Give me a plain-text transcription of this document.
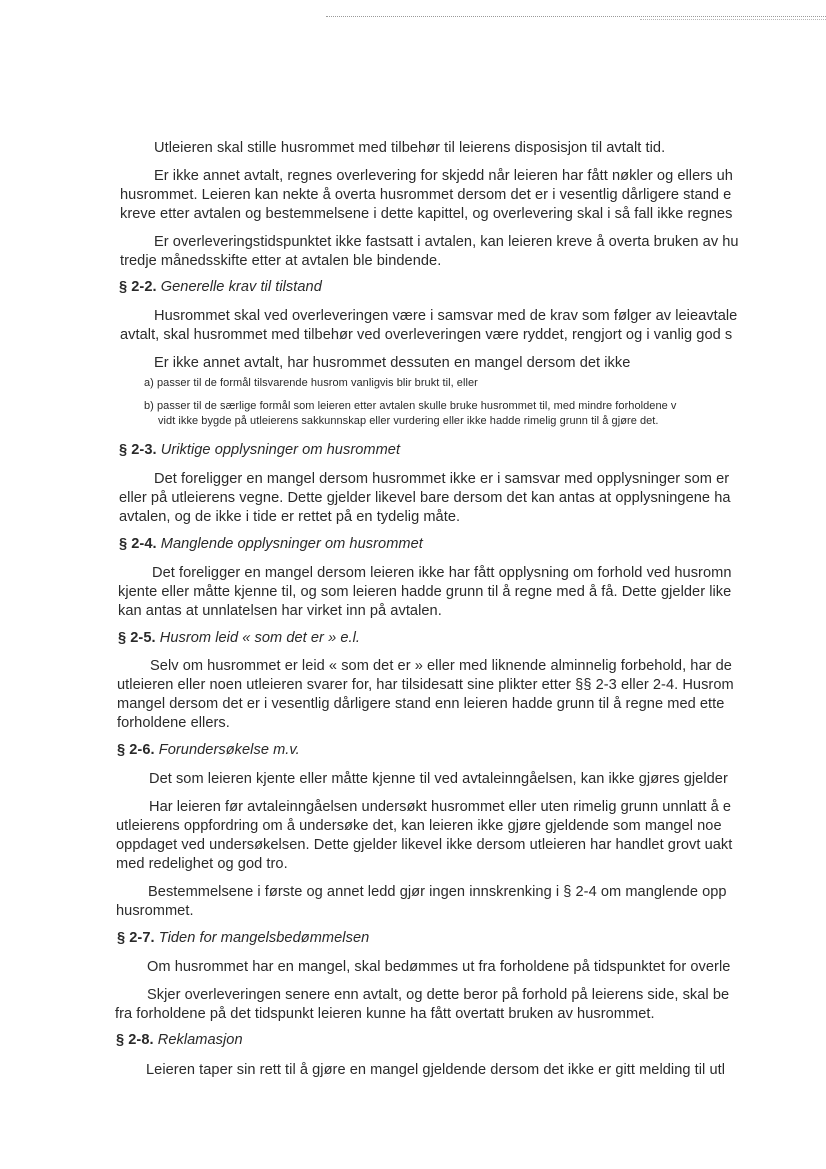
Utleieren skal stille husrommet med tilbehør til leierens disposisjon til avtalt tid.
Er ikke annet avtalt, regnes overlevering for skjedd når leieren har fått nøkler og ellers uh
husrommet. Leieren kan nekte å overta husrommet dersom det er i vesentlig dårligere stand e
kreve etter avtalen og bestemmelsene i dette kapittel, og overlevering skal i så fall ikke regnes
Er overleveringstidspunktet ikke fastsatt i avtalen, kan leieren kreve å overta bruken av hu
tredje månedsskifte etter at avtalen ble bindende.
§ 2-2. Generelle krav til tilstand
Husrommet skal ved overleveringen være i samsvar med de krav som følger av leieavtale
avtalt, skal husrommet med tilbehør ved overleveringen være ryddet, rengjort og i vanlig god s
Er ikke annet avtalt, har husrommet dessuten en mangel dersom det ikke
a) passer til de formål tilsvarende husrom vanligvis blir brukt til, eller
b) passer til de særlige formål som leieren etter avtalen skulle bruke husrommet til, med mindre forholdene v
vidt ikke bygde på utleierens sakkunnskap eller vurdering eller ikke hadde rimelig grunn til å gjøre det.
§ 2-3. Uriktige opplysninger om husrommet
Det foreligger en mangel dersom husrommet ikke er i samsvar med opplysninger som er
eller på utleierens vegne. Dette gjelder likevel bare dersom det kan antas at opplysningene ha
avtalen, og de ikke i tide er rettet på en tydelig måte.
§ 2-4. Manglende opplysninger om husrommet
Det foreligger en mangel dersom leieren ikke har fått opplysning om forhold ved husromn
kjente eller måtte kjenne til, og som leieren hadde grunn til å regne med å få. Dette gjelder like
kan antas at unnlatelsen har virket inn på avtalen.
§ 2-5. Husrom leid « som det er » e.l.
Selv om husrommet er leid « som det er » eller med liknende alminnelig forbehold, har de
utleieren eller noen utleieren svarer for, har tilsidesatt sine plikter etter §§ 2-3 eller 2-4. Husrom
mangel dersom det er i vesentlig dårligere stand enn leieren hadde grunn til å regne med ette
forholdene ellers.
§ 2-6. Forundersøkelse m.v.
Det som leieren kjente eller måtte kjenne til ved avtaleinngåelsen, kan ikke gjøres gjelder
Har leieren før avtaleinngåelsen undersøkt husrommet eller uten rimelig grunn unnlatt å e
utleierens oppfordring om å undersøke det, kan leieren ikke gjøre gjeldende som mangel noe
oppdaget ved undersøkelsen. Dette gjelder likevel ikke dersom utleieren har handlet grovt uakt
med redelighet og god tro.
Bestemmelsene i første og annet ledd gjør ingen innskrenking i § 2-4 om manglende opp
husrommet.
§ 2-7. Tiden for mangelsbedømmelsen
Om husrommet har en mangel, skal bedømmes ut fra forholdene på tidspunktet for overle
Skjer overleveringen senere enn avtalt, og dette beror på forhold på leierens side, skal be
fra forholdene på det tidspunkt leieren kunne ha fått overtatt bruken av husrommet.
§ 2-8. Reklamasjon
Leieren taper sin rett til å gjøre en mangel gjeldende dersom det ikke er gitt melding til utl
